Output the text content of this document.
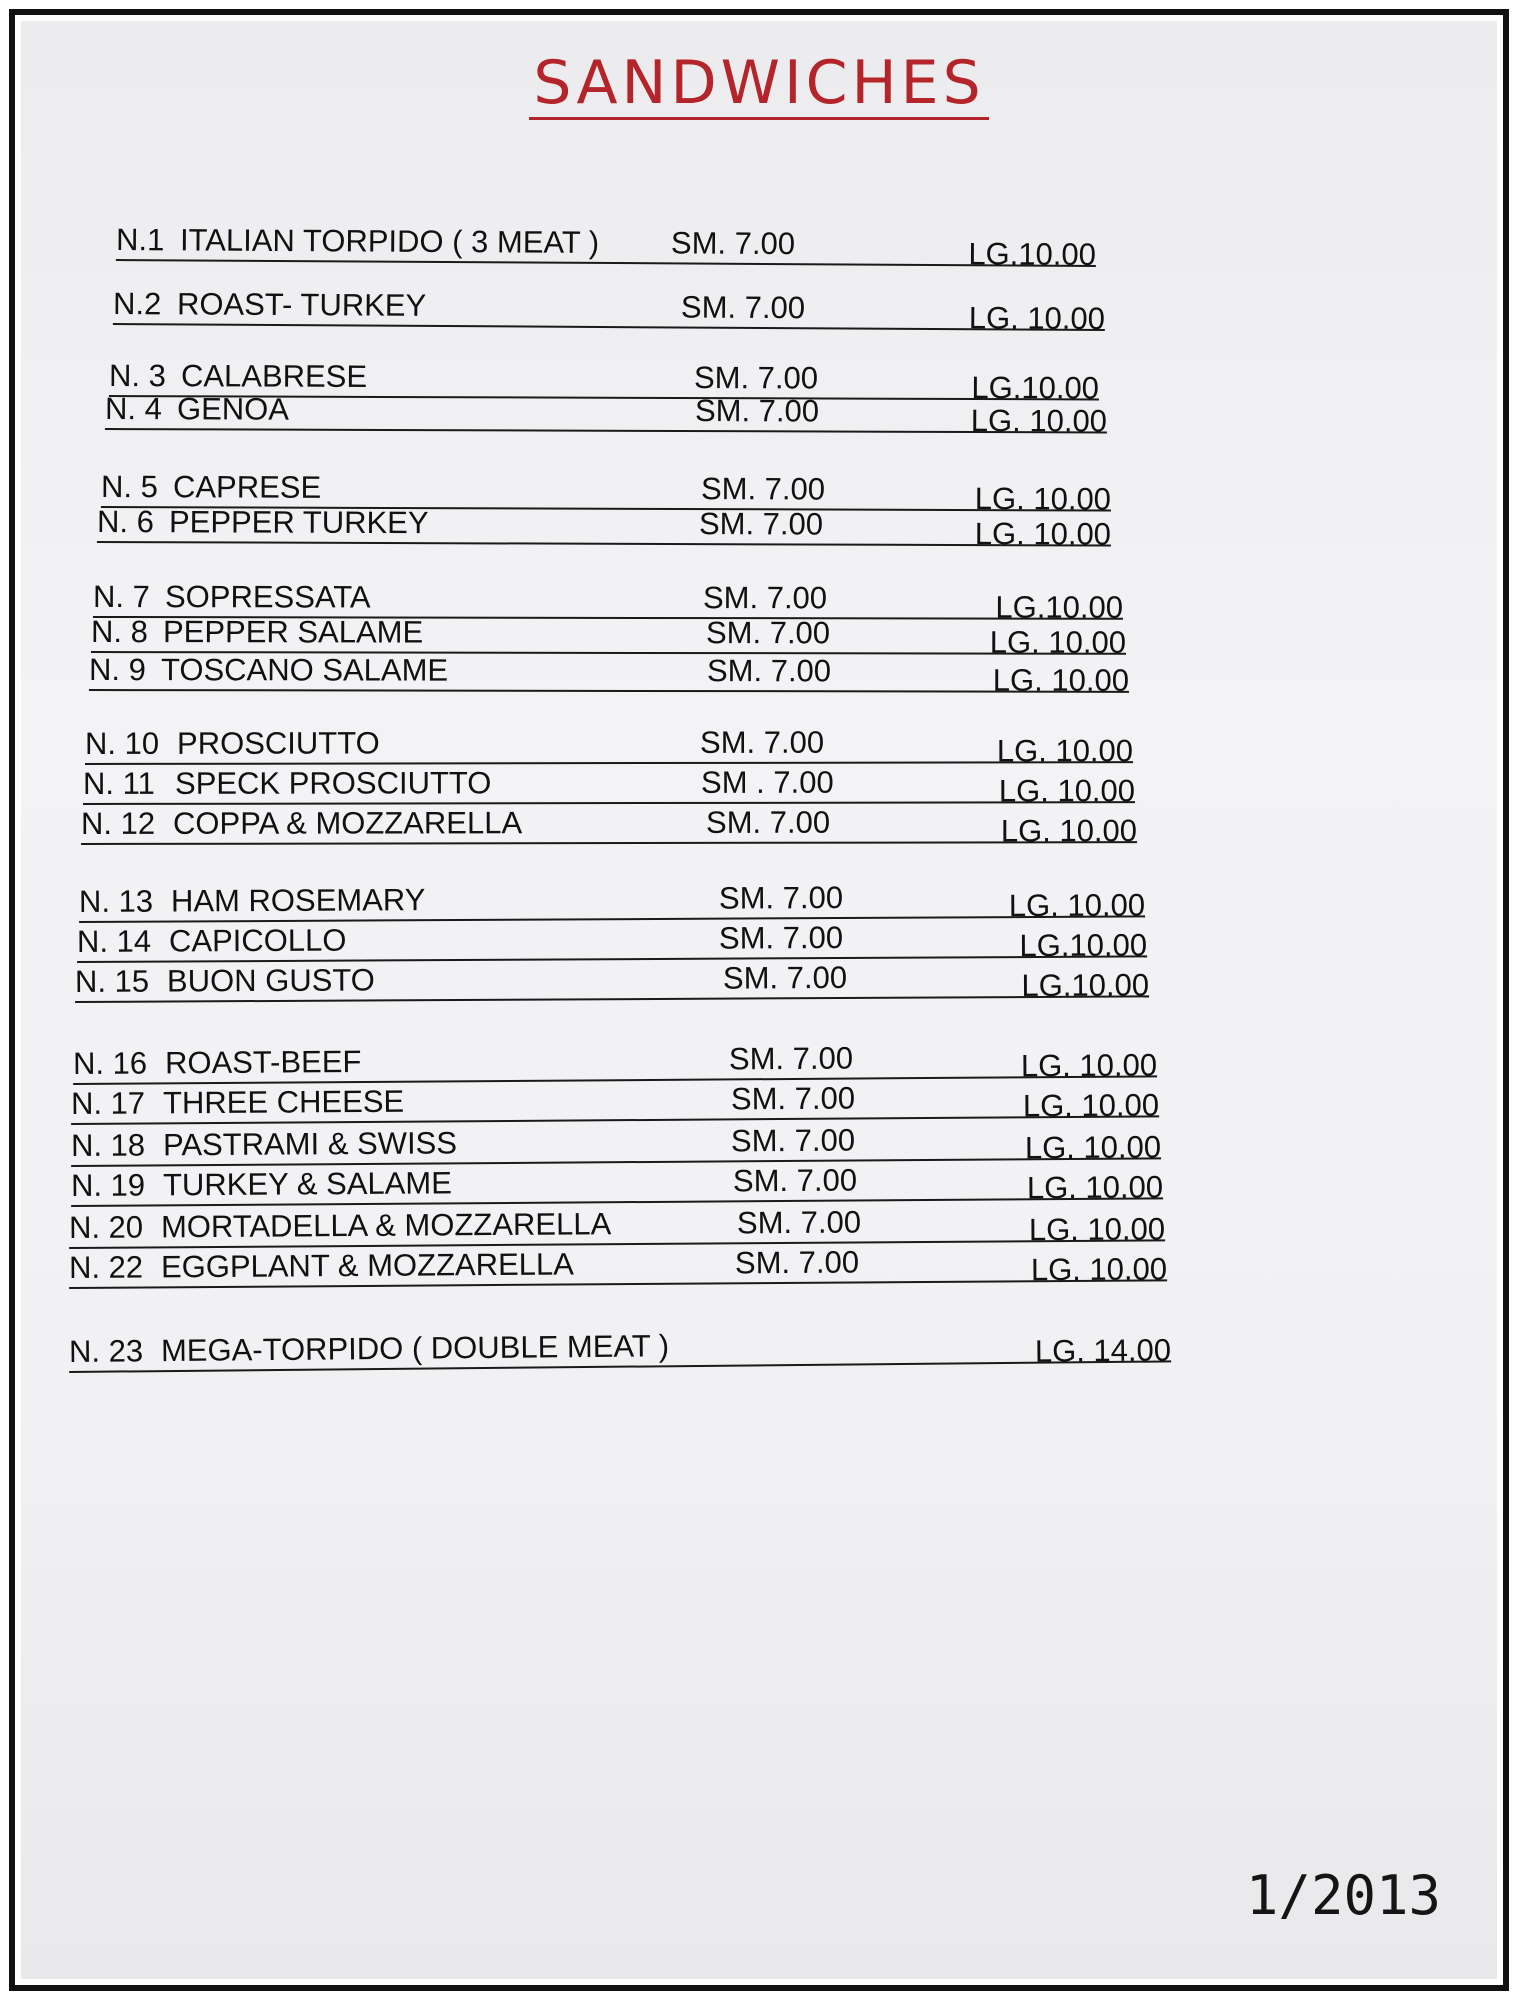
SANDWICHES
N.1 ITALIAN TORPIDO ( 3 MEAT ) SM. 7.00	LG.10.00
N.2 ROAST- TURKEY	SM. 7.00	LG. 10.00
N. 3 CALABRESE	SM. 7.00	LG.10.00
N. 4 GENOA	SM. 7.00	LG. 10.00
N. 5 CAPRESE	SM. 7.00	LG. 10.00
N. 6 PEPPER TURKEY	SM. 7.00	LG. 10.00
N. 7 SOPRESSATA	SM. 7.00	LG.10.00
N. 8 PEPPER SALAME	SM. 7.00	LG. 10.00
N. 9 TOSCANO SALAME	SM. 7.00	LG. 10.00
N. 10 PROSCIUTTO	SM. 7.00	LG. 10.00
N. 11 SPECK PROSCIUTTO	SM . 7.00	LG. 10.00
N. 12 COPPA & MOZZARELLA	SM. 7.00	LG. 10.00
N. 13 HAM ROSEMARY	SM. 7.00	LG. 10.00
N. 14 CAPICOLLO	SM. 7.00	LG.10.00
N. 15 BUON GUSTO	SM. 7.00	LG.10.00
N. 16 ROAST-BEEF	SM. 7.00	LG. 10.00
N. 17 THREE CHEESE	SM. 7.00	LG. 10.00
N. 18 PASTRAMI & SWISS	SM. 7.00	LG. 10.00
N. 19 TURKEY & SALAME	SM. 7.00	LG. 10.00
N. 20 MORTADELLA & MOZZARELLA	SM. 7.00	LG. 10.00
N. 22 EGGPLANT & MOZZARELLA	SM. 7.00	LG. 10.00
N. 23 MEGA-TORPIDO ( DOUBLE MEAT )	LG. 14.00
1/2013
